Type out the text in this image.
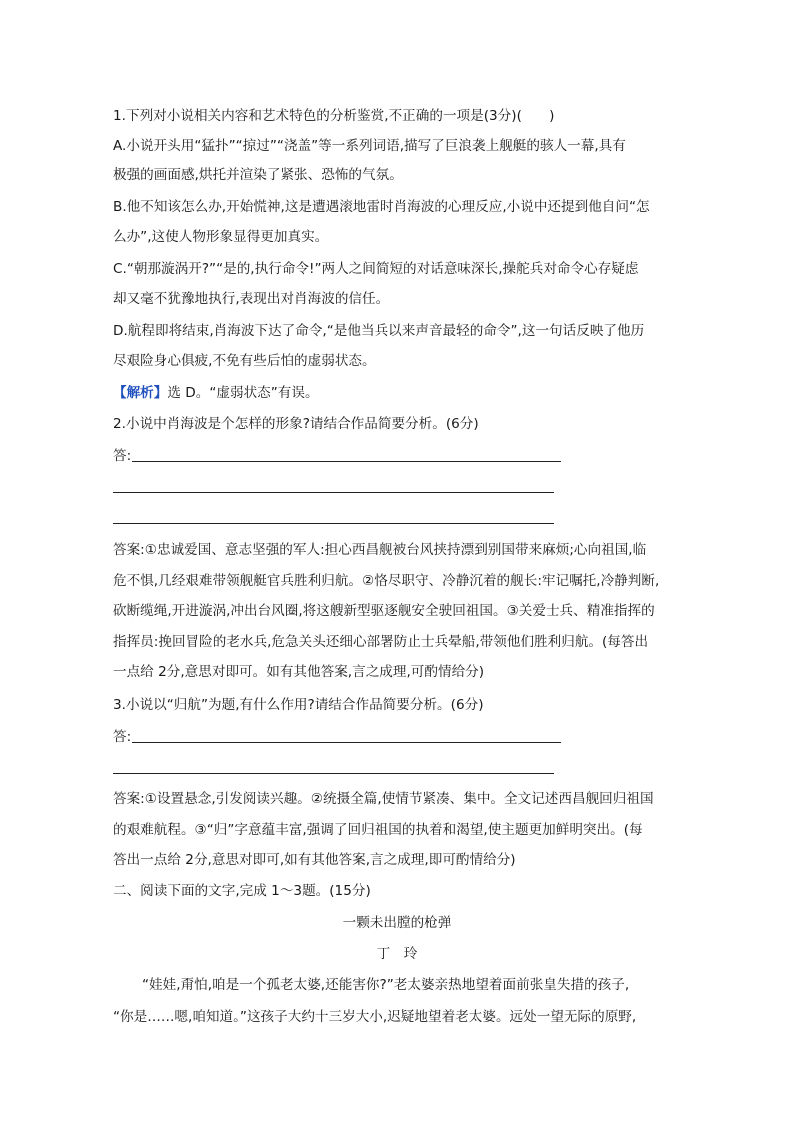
1.下列对小说相关内容和艺术特色的分析鉴赏,不正确的一项是(3分)(　　)
A.小说开头用“猛扑”“掠过”“浇盖”等一系列词语,描写了巨浪袭上舰艇的骇人一幕,具有
极强的画面感,烘托并渲染了紧张、恐怖的气氛。
B.他不知该怎么办,开始慌神,这是遭遇滚地雷时肖海波的心理反应,小说中还提到他自问“怎
么办”,这使人物形象显得更加真实。
C.“朝那漩涡开?”“是的,执行命令!”两人之间简短的对话意味深长,操舵兵对命令心存疑虑
却又毫不犹豫地执行,表现出对肖海波的信任。
D.航程即将结束,肖海波下达了命令,“是他当兵以来声音最轻的命令”,这一句话反映了他历
尽艰险身心俱疲,不免有些后怕的虚弱状态。
【解析】选 D。“虚弱状态”有误。
2.小说中肖海波是个怎样的形象?请结合作品简要分析。(6分)
答:
答案:①忠诚爱国、意志坚强的军人:担心西昌舰被台风挟持漂到别国带来麻烦;心向祖国,临
危不惧,几经艰难带领舰艇官兵胜利归航。②恪尽职守、冷静沉着的舰长:牢记嘱托,冷静判断,
砍断缆绳,开进漩涡,冲出台风圈,将这艘新型驱逐舰安全驶回祖国。③关爱士兵、精准指挥的
指挥员:挽回冒险的老水兵,危急关头还细心部署防止士兵晕船,带领他们胜利归航。(每答出
一点给 2分,意思对即可。如有其他答案,言之成理,可酌情给分)
3.小说以“归航”为题,有什么作用?请结合作品简要分析。(6分)
答:
答案:①设置悬念,引发阅读兴趣。②统摄全篇,使情节紧凑、集中。全文记述西昌舰回归祖国
的艰难航程。③“归”字意蕴丰富,强调了回归祖国的执着和渴望,使主题更加鲜明突出。(每
答出一点给 2分,意思对即可,如有其他答案,言之成理,即可酌情给分)
二、阅读下面的文字,完成 1～3题。(15分)
一颗未出膛的枪弹
丁　玲
“娃娃,甭怕,咱是一个孤老太婆,还能害你?”老太婆亲热地望着面前张皇失措的孩子,
“你是……嗯,咱知道。”这孩子大约十三岁大小,迟疑地望着老太婆。远处一望无际的原野,
